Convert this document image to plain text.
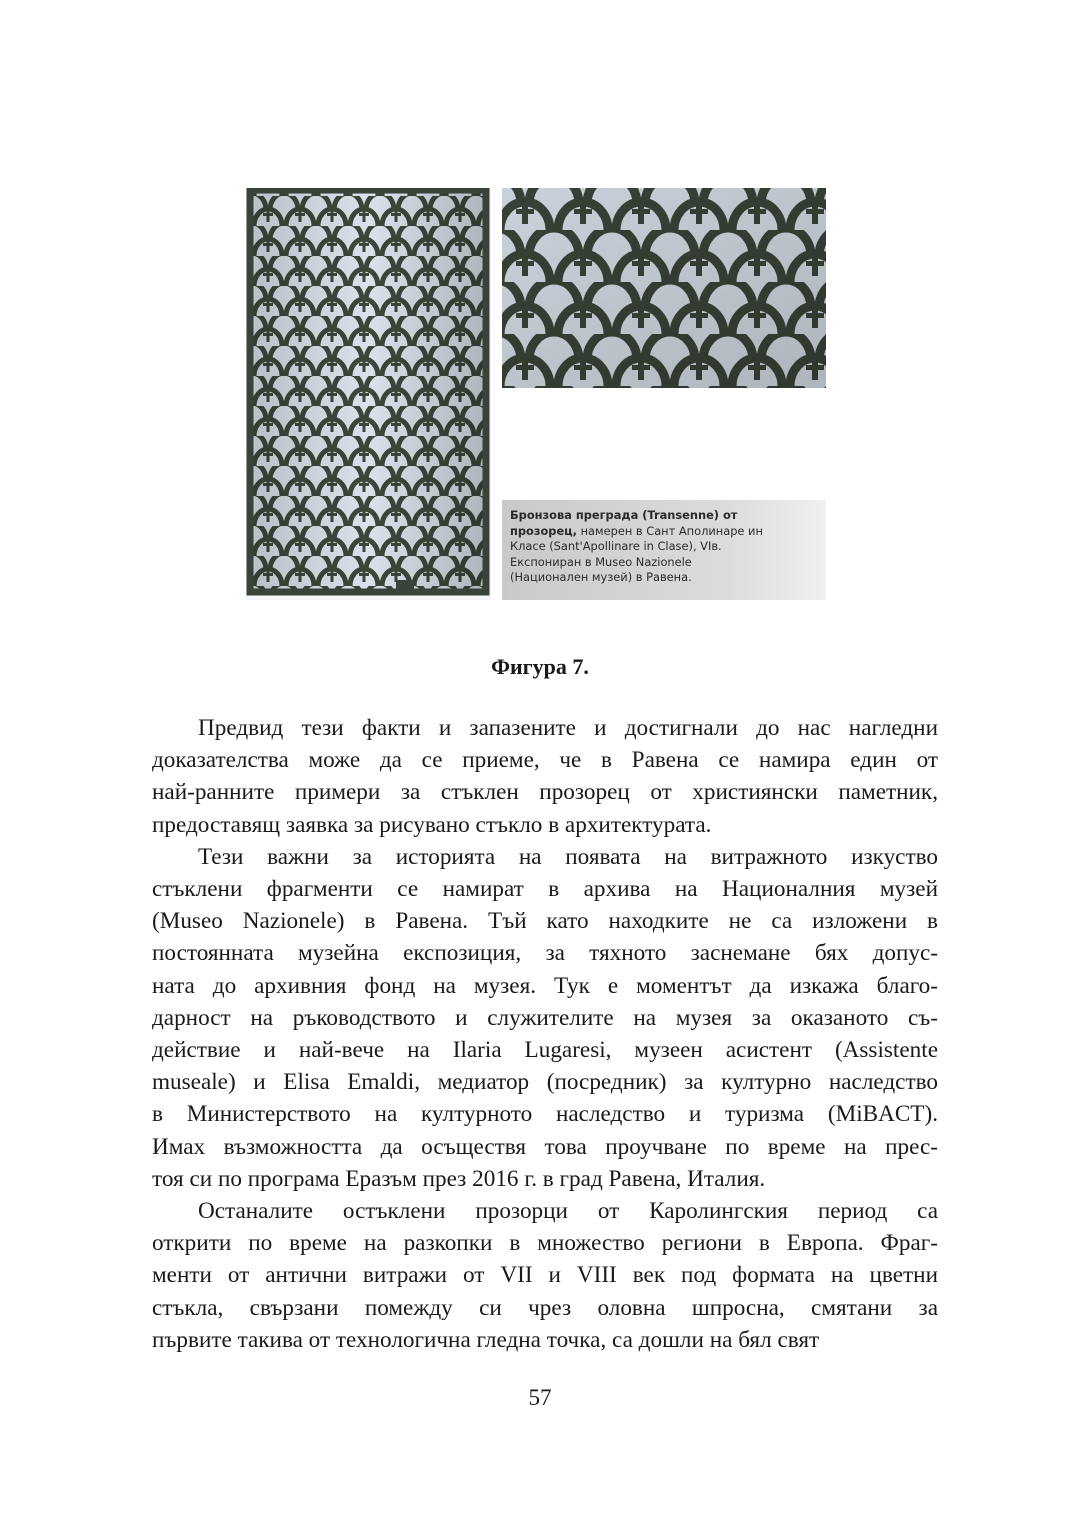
Бронзова преграда (Transenne) от
прозорец, намерен в Сант Аполинаре ин
Класе (Sant'Apollinare in Clase), VIв.
Експониран в Museo Nazionele
(Национален музей) в Равена.
Фигура 7.

Предвид тези факти и запазените и достигнали до нас нагледни
доказателства може да се приеме, че в Равена се намира един от
най-ранните примери за стъклен прозорец от християнски паметник,
предоставящ заявка за рисувано стъкло в архитектурата.

Тези важни за историята на появата на витражното изкуство
стъклени фрагменти се намират в архива на Националния музей
(Museo Nazionele) в Равена. Тъй като находките не са изложени в
постоянната музейна експозиция, за тяхното заснемане бях допус-
ната до архивния фонд на музея. Тук е моментът да изкажа благо-
дарност на ръководството и служителите на музея за оказаното съ-
действие и най-вече на Ilaria Lugaresi, музеен асистент (Assistente
museale) и Elisa Emaldi, медиатор (посредник) за културно наследство
в Министерството на културното наследство и туризма (MiBACT).
Имах възможността да осъществя това проучване по време на прес-
тоя си по програма Еразъм през 2016 г. в град Равена, Италия.

Останалите остъклени прозорци от Каролингския период са
открити по време на разкопки в множество региони в Европа. Фраг-
менти от антични витражи от VII и VIII век под формата на цветни
стъкла, свързани помежду си чрез оловна шпросна, смятани за
първите такива от технологична гледна точка, са дошли на бял свят

57
